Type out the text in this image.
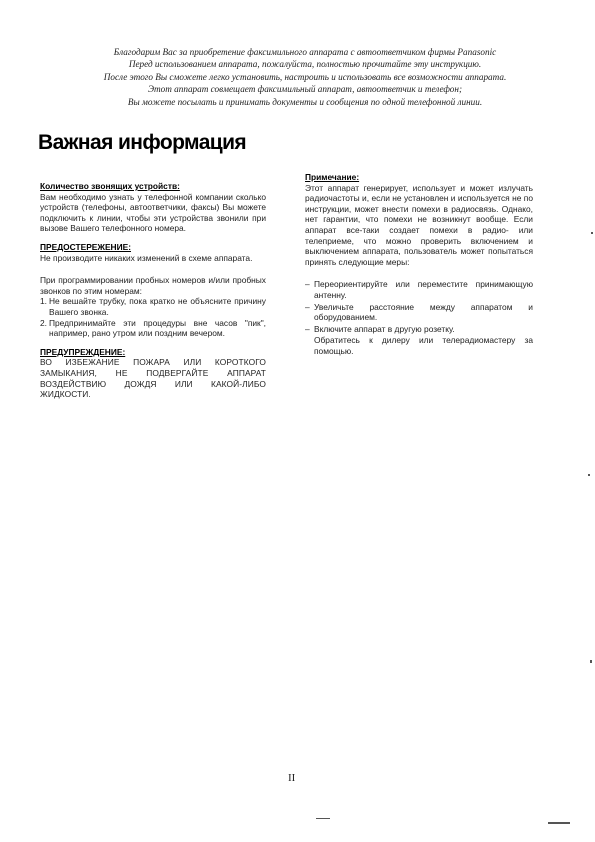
Благодарим Вас за приобретение факсимильного аппарата с автоответчиком фирмы Panasonic
Перед использованием аппарата, пожалуйста, полностью прочитайте эту инструкцию.
После этого Вы сможете легко установить, настроить и использовать все возможности аппарата.
Этот аппарат совмещает факсимильный аппарат, автоответчик и телефон;
Вы можете посылать и принимать документы и сообщения по одной телефонной линии.
Важная информация
Количество звонящих устройств:
Вам необходимо узнать у телефонной компании сколько устройств (телефоны, автоответчики, факсы) Вы можете подключить к линии, чтобы эти устройства звонили при вызове Вашего телефонного номера.
ПРЕДОСТЕРЕЖЕНИЕ:
Не производите никаких изменений в схеме аппарата.
При программировании пробных номеров и/или пробных звонков по этим номерам:
1. Не вешайте трубку, пока кратко не объясните причину Вашего звонка.
2. Предпринимайте эти процедуры вне часов "пик", например, рано утром или поздним вечером.
ПРЕДУПРЕЖДЕНИЕ:
ВО ИЗБЕЖАНИЕ ПОЖАРА ИЛИ КОРОТКОГО ЗАМЫКАНИЯ, НЕ ПОДВЕРГАЙТЕ АППАРАТ ВОЗДЕЙСТВИЮ ДОЖДЯ ИЛИ КАКОЙ-ЛИБО ЖИДКОСТИ.
Примечание:
Этот аппарат генерирует, использует и может излучать радиочастоты и, если не установлен и используется не по инструкции, может внести помехи в радиосвязь. Однако, нет гарантии, что помехи не возникнут вообще. Если аппарат все-таки создает помехи в радио- или телеприеме, что можно проверить включением и выключением аппарата, пользователь может попытаться принять следующие меры:
– Переориентируйте или переместите принимающую антенну.
– Увеличьте расстояние между аппаратом и оборудованием.
– Включите аппарат в другую розетку.
Обратитесь к дилеру или телерадиомастеру за помощью.
II
